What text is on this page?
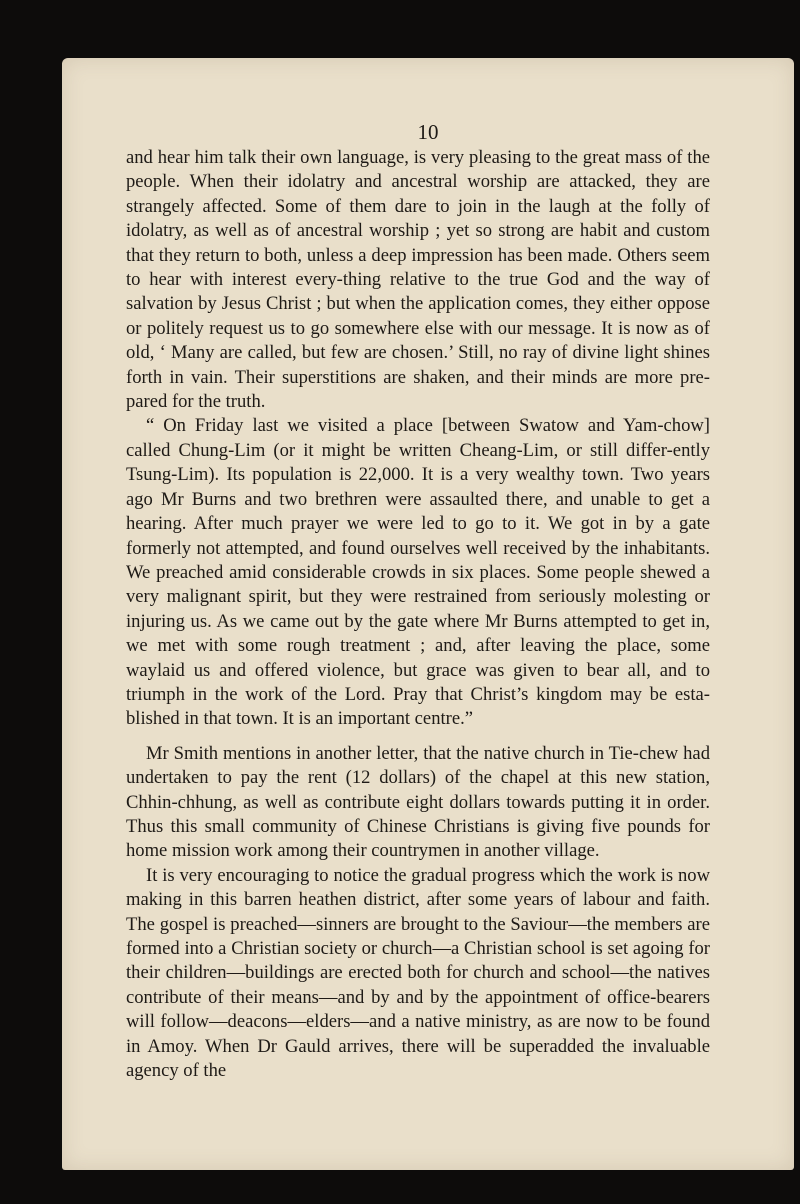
10

and hear him talk their own language, is very pleasing to the great mass of the people. When their idolatry and ancestral worship are attacked, they are strangely affected. Some of them dare to join in the laugh at the folly of idolatry, as well as of ancestral worship ; yet so strong are habit and custom that they return to both, unless a deep impression has been made. Others seem to hear with interest every-thing relative to the true God and the way of salvation by Jesus Christ ; but when the application comes, they either oppose or politely request us to go somewhere else with our message. It is now as of old, ‘ Many are called, but few are chosen.’ Still, no ray of divine light shines forth in vain. Their superstitions are shaken, and their minds are more pre-pared for the truth.

“ On Friday last we visited a place [between Swatow and Yam-chow] called Chung-Lim (or it might be written Cheang-Lim, or still differ-ently Tsung-Lim). Its population is 22,000. It is a very wealthy town. Two years ago Mr Burns and two brethren were assaulted there, and unable to get a hearing. After much prayer we were led to go to it. We got in by a gate formerly not attempted, and found ourselves well received by the inhabitants. We preached amid considerable crowds in six places. Some people shewed a very malignant spirit, but they were restrained from seriously molesting or injuring us. As we came out by the gate where Mr Burns attempted to get in, we met with some rough treatment ; and, after leaving the place, some waylaid us and offered violence, but grace was given to bear all, and to triumph in the work of the Lord. Pray that Christ’s kingdom may be esta-blished in that town. It is an important centre.”

Mr Smith mentions in another letter, that the native church in Tie-chew had undertaken to pay the rent (12 dollars) of the chapel at this new station, Chhin-chhung, as well as contribute eight dollars towards putting it in order. Thus this small community of Chinese Christians is giving five pounds for home mission work among their countrymen in another village.

It is very encouraging to notice the gradual progress which the work is now making in this barren heathen district, after some years of labour and faith. The gospel is preached—sinners are brought to the Saviour—the members are formed into a Christian society or church—a Christian school is set agoing for their children—buildings are erected both for church and school—the natives contribute of their means—and by and by the appointment of office-bearers will follow—deacons—elders—and a native ministry, as are now to be found in Amoy. When Dr Gauld arrives, there will be superadded the invaluable agency of the
